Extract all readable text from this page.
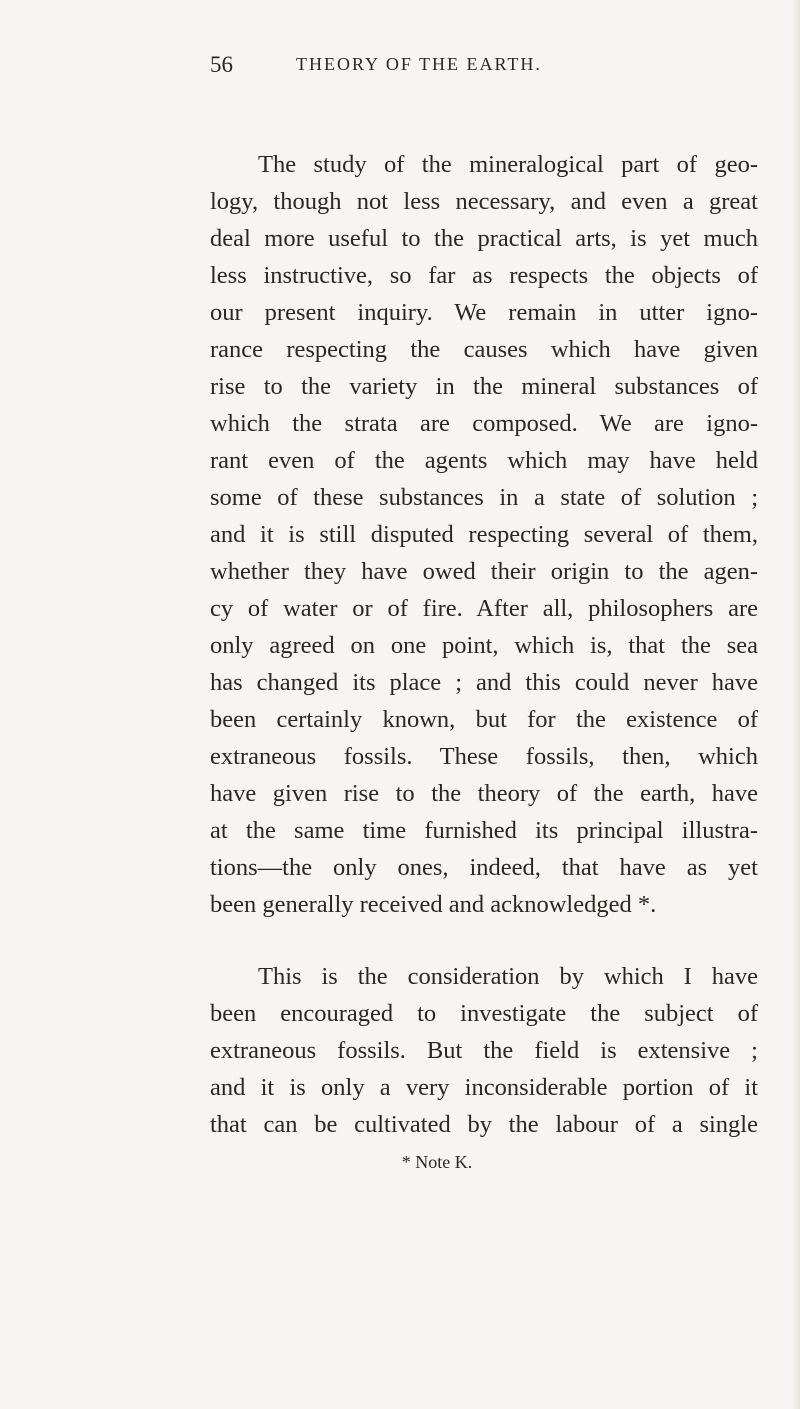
56	THEORY OF THE EARTH.
The study of the mineralogical part of geo-
logy, though not less necessary, and even a great
deal more useful to the practical arts, is yet much
less instructive, so far as respects the objects of
our present inquiry. We remain in utter igno-
rance respecting the causes which have given
rise to the variety in the mineral substances of
which the strata are composed. We are igno-
rant even of the agents which may have held
some of these substances in a state of solution ;
and it is still disputed respecting several of them,
whether they have owed their origin to the agen-
cy of water or of fire. After all, philosophers are
only agreed on one point, which is, that the sea
has changed its place ; and this could never have
been certainly known, but for the existence of
extraneous fossils. These fossils, then, which
have given rise to the theory of the earth, have
at the same time furnished its principal illustra-
tions—the only ones, indeed, that have as yet
been generally received and acknowledged *.
This is the consideration by which I have
been encouraged to investigate the subject of
extraneous fossils. But the field is extensive ;
and it is only a very inconsiderable portion of it
that can be cultivated by the labour of a single
* Note K.
